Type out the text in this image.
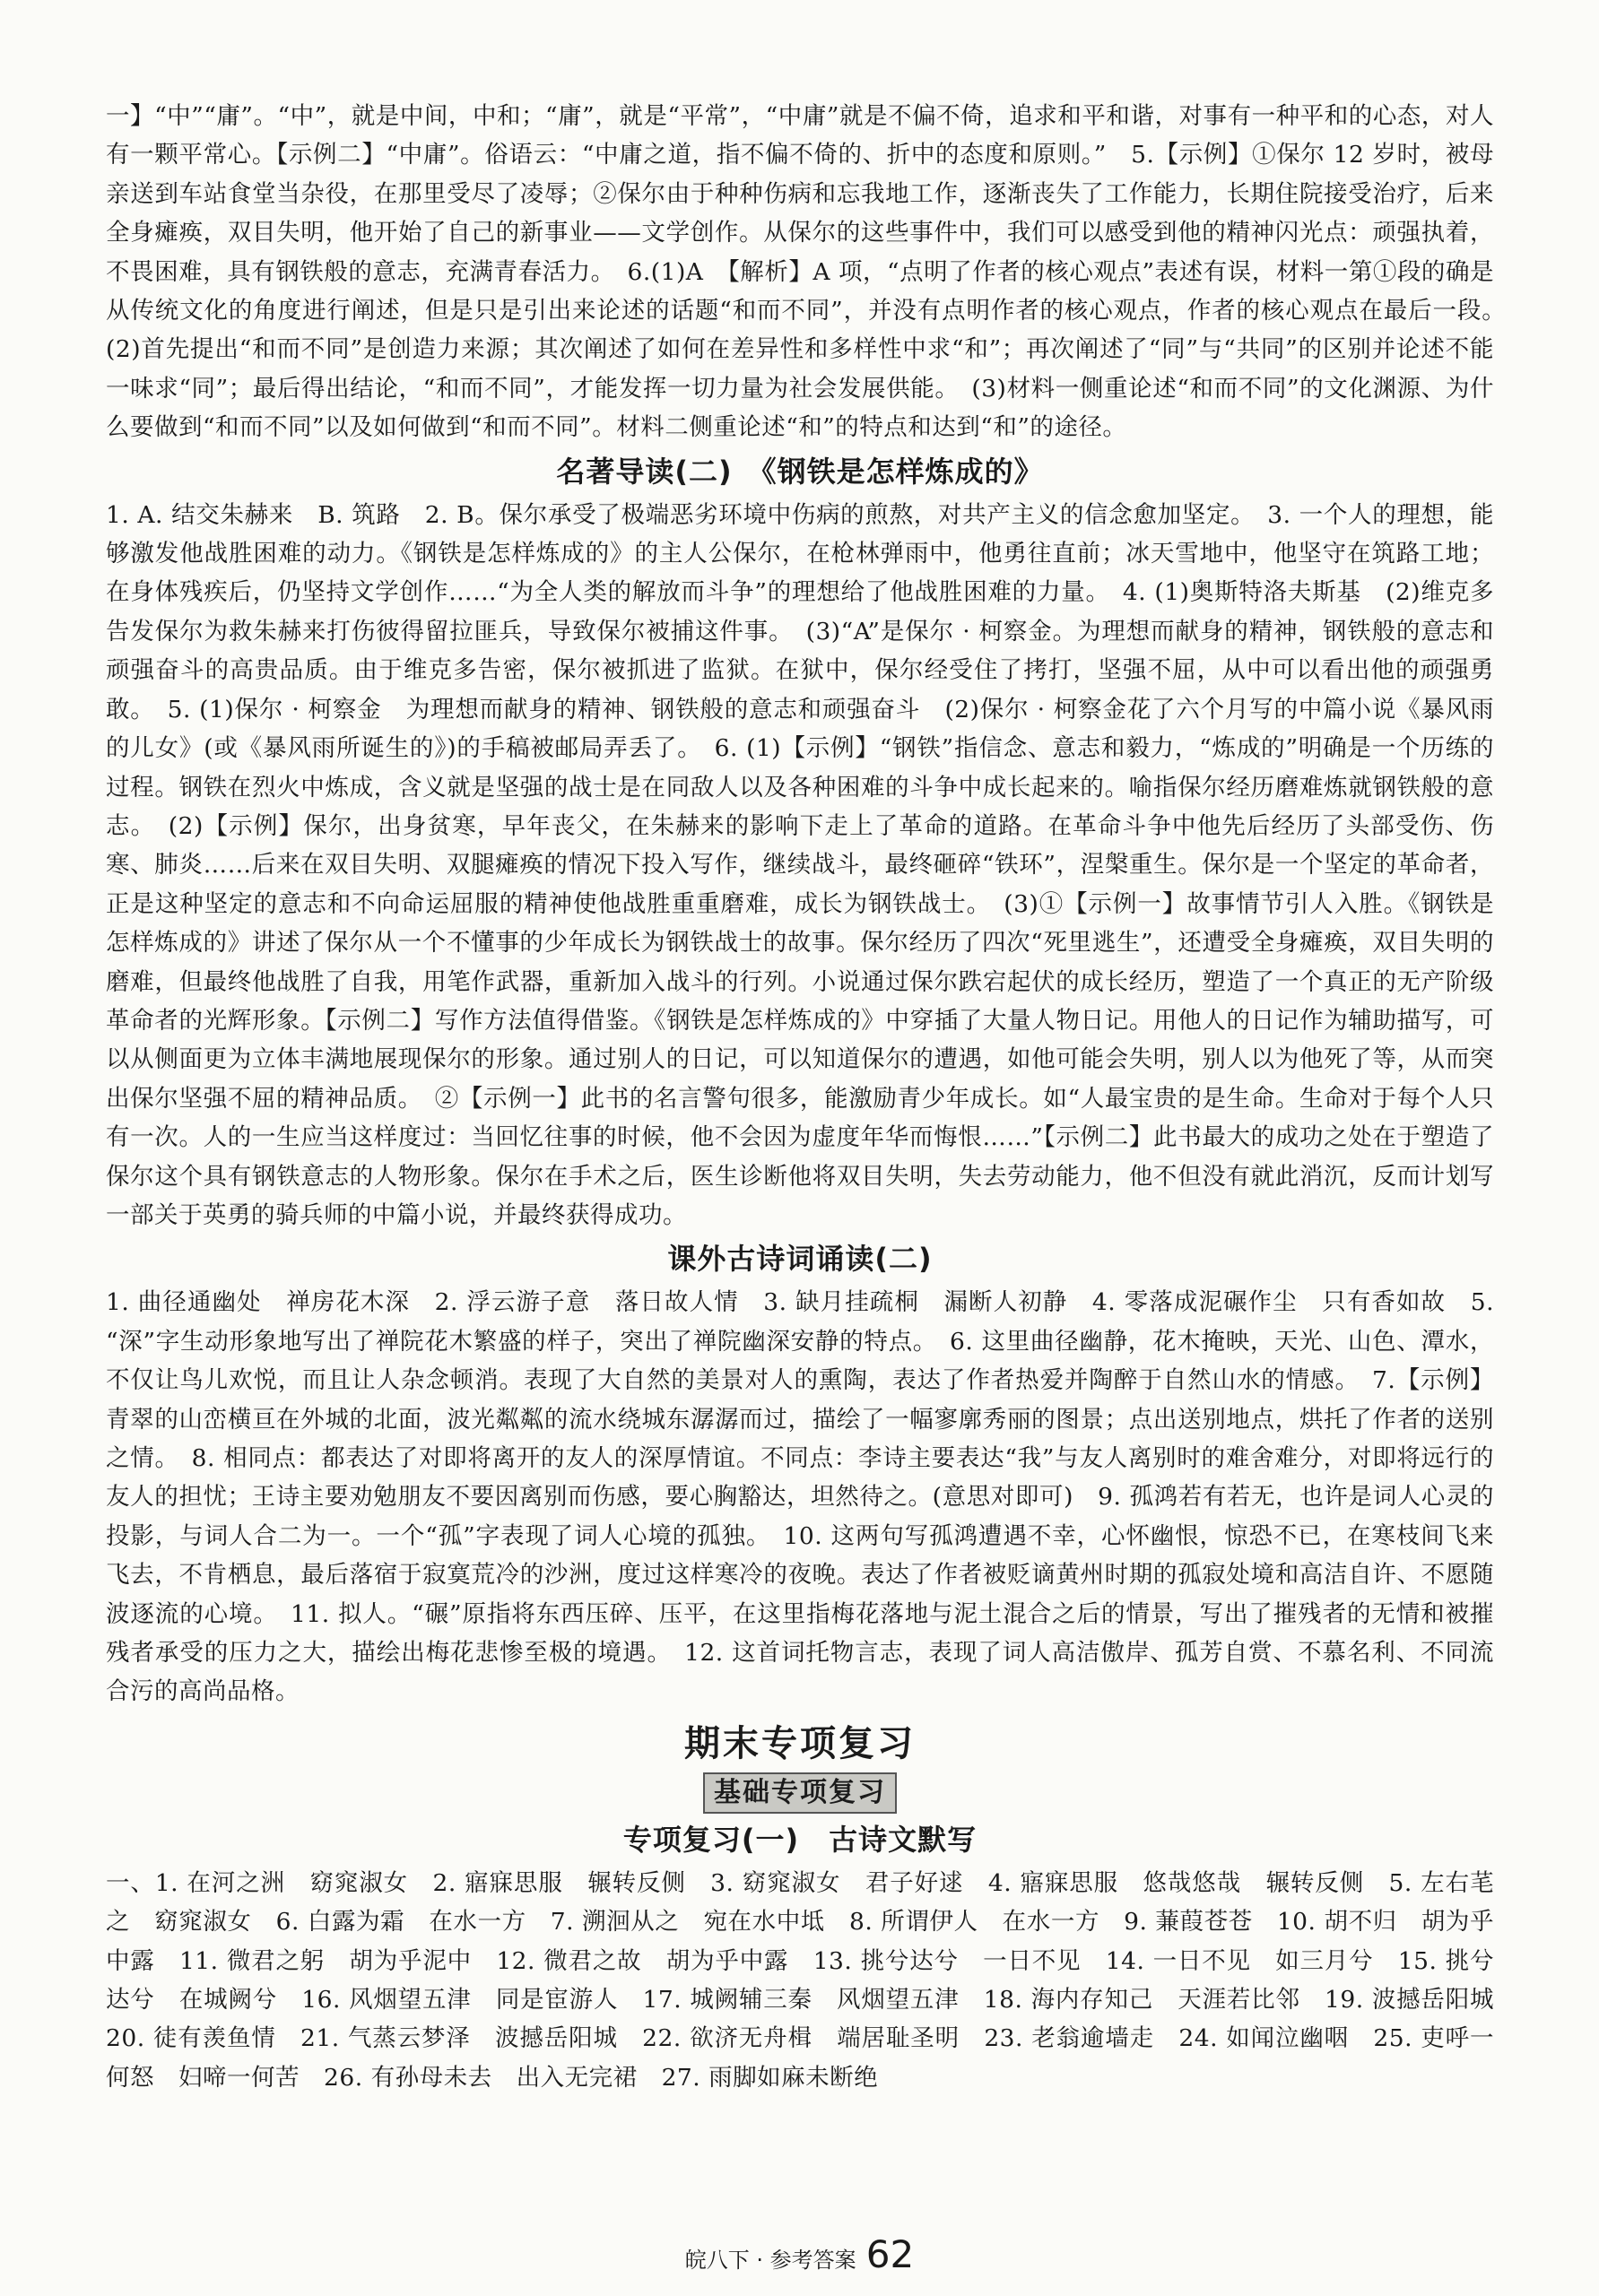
一】“中”“庸”。“中”，就是中间，中和；“庸”，就是“平常”，“中庸”就是不偏不倚，追求和平和谐，对事有一种平和的心态，对人有一颗平常心。【示例二】“中庸”。俗语云：“中庸之道，指不偏不倚的、折中的态度和原则。”　5.【示例】①保尔 12 岁时，被母亲送到车站食堂当杂役，在那里受尽了凌辱；②保尔由于种种伤病和忘我地工作，逐渐丧失了工作能力，长期住院接受治疗，后来全身瘫痪，双目失明，他开始了自己的新事业——文学创作。从保尔的这些事件中，我们可以感受到他的精神闪光点：顽强执着，不畏困难，具有钢铁般的意志，充满青春活力。　6.(1)A　【解析】A 项，“点明了作者的核心观点”表述有误，材料一第①段的确是从传统文化的角度进行阐述，但是只是引出来论述的话题“和而不同”，并没有点明作者的核心观点，作者的核心观点在最后一段。　(2)首先提出“和而不同”是创造力来源；其次阐述了如何在差异性和多样性中求“和”；再次阐述了“同”与“共同”的区别并论述不能一味求“同”；最后得出结论，“和而不同”，才能发挥一切力量为社会发展供能。　(3)材料一侧重论述“和而不同”的文化渊源、为什么要做到“和而不同”以及如何做到“和而不同”。材料二侧重论述“和”的特点和达到“和”的途径。

名著导读(二)　《钢铁是怎样炼成的》

1. A. 结交朱赫来　B. 筑路　2. B。保尔承受了极端恶劣环境中伤病的煎熬，对共产主义的信念愈加坚定。　3. 一个人的理想，能够激发他战胜困难的动力。《钢铁是怎样炼成的》的主人公保尔，在枪林弹雨中，他勇往直前；冰天雪地中，他坚守在筑路工地；在身体残疾后，仍坚持文学创作……“为全人类的解放而斗争”的理想给了他战胜困难的力量。　4. (1)奥斯特洛夫斯基　(2)维克多告发保尔为救朱赫来打伤彼得留拉匪兵，导致保尔被捕这件事。　(3)“A”是保尔 · 柯察金。为理想而献身的精神，钢铁般的意志和顽强奋斗的高贵品质。由于维克多告密，保尔被抓进了监狱。在狱中，保尔经受住了拷打，坚强不屈，从中可以看出他的顽强勇敢。　5. (1)保尔 · 柯察金　为理想而献身的精神、钢铁般的意志和顽强奋斗　(2)保尔 · 柯察金花了六个月写的中篇小说《暴风雨的儿女》(或《暴风雨所诞生的》)的手稿被邮局弄丢了。　6. (1)【示例】“钢铁”指信念、意志和毅力，“炼成的”明确是一个历练的过程。钢铁在烈火中炼成，含义就是坚强的战士是在同敌人以及各种困难的斗争中成长起来的。喻指保尔经历磨难炼就钢铁般的意志。　(2)【示例】保尔，出身贫寒，早年丧父，在朱赫来的影响下走上了革命的道路。在革命斗争中他先后经历了头部受伤、伤寒、肺炎……后来在双目失明、双腿瘫痪的情况下投入写作，继续战斗，最终砸碎“铁环”，涅槃重生。保尔是一个坚定的革命者，正是这种坚定的意志和不向命运屈服的精神使他战胜重重磨难，成长为钢铁战士。　(3)①【示例一】故事情节引人入胜。《钢铁是怎样炼成的》讲述了保尔从一个不懂事的少年成长为钢铁战士的故事。保尔经历了四次“死里逃生”，还遭受全身瘫痪，双目失明的磨难，但最终他战胜了自我，用笔作武器，重新加入战斗的行列。小说通过保尔跌宕起伏的成长经历，塑造了一个真正的无产阶级革命者的光辉形象。【示例二】写作方法值得借鉴。《钢铁是怎样炼成的》中穿插了大量人物日记。用他人的日记作为辅助描写，可以从侧面更为立体丰满地展现保尔的形象。通过别人的日记，可以知道保尔的遭遇，如他可能会失明，别人以为他死了等，从而突出保尔坚强不屈的精神品质。　②【示例一】此书的名言警句很多，能激励青少年成长。如“人最宝贵的是生命。生命对于每个人只有一次。人的一生应当这样度过：当回忆往事的时候，他不会因为虚度年华而悔恨……”【示例二】此书最大的成功之处在于塑造了保尔这个具有钢铁意志的人物形象。保尔在手术之后，医生诊断他将双目失明，失去劳动能力，他不但没有就此消沉，反而计划写一部关于英勇的骑兵师的中篇小说，并最终获得成功。

课外古诗词诵读(二)

1. 曲径通幽处　禅房花木深　2. 浮云游子意　落日故人情　3. 缺月挂疏桐　漏断人初静　4. 零落成泥碾作尘　只有香如故　5. “深”字生动形象地写出了禅院花木繁盛的样子，突出了禅院幽深安静的特点。　6. 这里曲径幽静，花木掩映，天光、山色、潭水，不仅让鸟儿欢悦，而且让人杂念顿消。表现了大自然的美景对人的熏陶，表达了作者热爱并陶醉于自然山水的情感。　7.【示例】青翠的山峦横亘在外城的北面，波光粼粼的流水绕城东潺潺而过，描绘了一幅寥廓秀丽的图景；点出送别地点，烘托了作者的送别之情。　8. 相同点：都表达了对即将离开的友人的深厚情谊。不同点：李诗主要表达“我”与友人离别时的难舍难分，对即将远行的友人的担忧；王诗主要劝勉朋友不要因离别而伤感，要心胸豁达，坦然待之。(意思对即可)　9. 孤鸿若有若无，也许是词人心灵的投影，与词人合二为一。一个“孤”字表现了词人心境的孤独。　10. 这两句写孤鸿遭遇不幸，心怀幽恨，惊恐不已，在寒枝间飞来飞去，不肯栖息，最后落宿于寂寞荒冷的沙洲，度过这样寒冷的夜晚。表达了作者被贬谪黄州时期的孤寂处境和高洁自许、不愿随波逐流的心境。　11. 拟人。“碾”原指将东西压碎、压平，在这里指梅花落地与泥土混合之后的情景，写出了摧残者的无情和被摧残者承受的压力之大，描绘出梅花悲惨至极的境遇。　12. 这首词托物言志，表现了词人高洁傲岸、孤芳自赏、不慕名利、不同流合污的高尚品格。

期末专项复习
基础专项复习
专项复习(一)　古诗文默写

一、1. 在河之洲　窈窕淑女　2. 寤寐思服　辗转反侧　3. 窈窕淑女　君子好逑　4. 寤寐思服　悠哉悠哉　辗转反侧　5. 左右芼之　窈窕淑女　6. 白露为霜　在水一方　7. 溯洄从之　宛在水中坻　8. 所谓伊人　在水一方　9. 蒹葭苍苍　10. 胡不归　胡为乎中露　11. 微君之躬　胡为乎泥中　12. 微君之故　胡为乎中露　13. 挑兮达兮　一日不见　14. 一日不见　如三月兮　15. 挑兮达兮　在城阙兮　16. 风烟望五津　同是宦游人　17. 城阙辅三秦　风烟望五津　18. 海内存知己　天涯若比邻　19. 波撼岳阳城　20. 徒有羡鱼情　21. 气蒸云梦泽　波撼岳阳城　22. 欲济无舟楫　端居耻圣明　23. 老翁逾墙走　24. 如闻泣幽咽　25. 吏呼一何怒　妇啼一何苦　26. 有孙母未去　出入无完裙　27. 雨脚如麻未断绝

皖八下 · 参考答案 62
